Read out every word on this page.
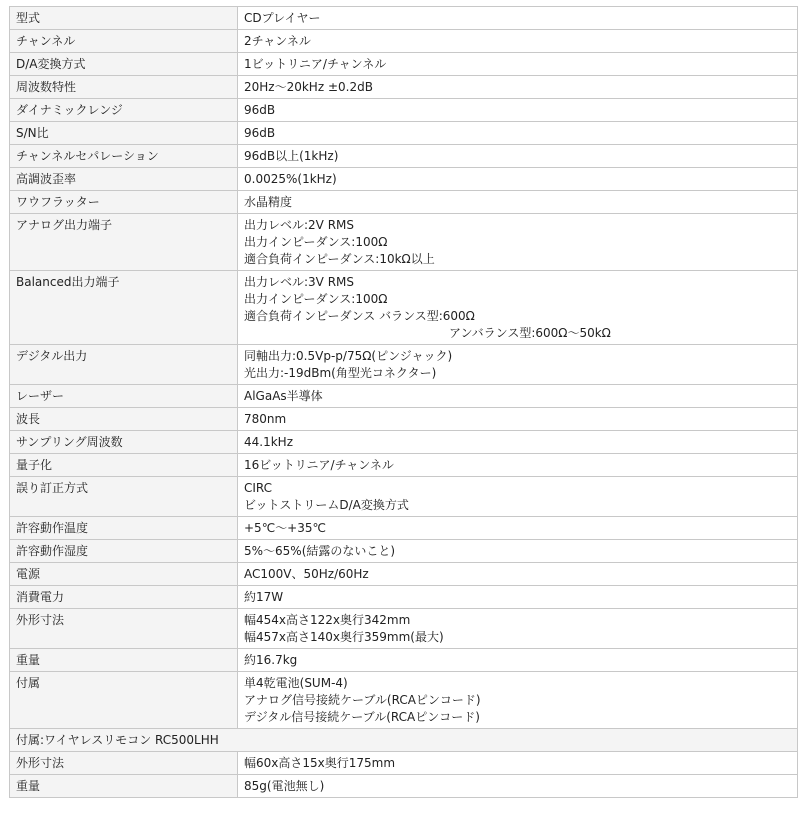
型式	CDプレイヤー

チャンネル	2チャンネル

D/A変換方式	1ビットリニア/チャンネル

周波数特性	20Hz～20kHz ±0.2dB

ダイナミックレンジ	96dB

S/N比	96dB

チャンネルセパレーション	96dB以上(1kHz)

高調波歪率	0.0025%(1kHz)

ワウフラッター	水晶精度

アナログ出力端子	出力レベル:2V RMS
出力インピーダンス:100Ω
適合負荷インピーダンス:10kΩ以上

Balanced出力端子	出力レベル:3V RMS
出力インピーダンス:100Ω
適合負荷インピーダンス バランス型:600Ω
アンバランス型:600Ω～50kΩ

デジタル出力	同軸出力:0.5Vp-p/75Ω(ピンジャック)
光出力:-19dBm(角型光コネクター)

レーザー	AlGaAs半導体

波長	780nm

サンプリング周波数	44.1kHz

量子化	16ビットリニア/チャンネル

誤り訂正方式	CIRC
ビットストリームD/A変換方式

許容動作温度	+5℃～+35℃

許容動作湿度	5%～65%(結露のないこと)

電源	AC100V、50Hz/60Hz

消費電力	約17W

外形寸法	幅454x高さ122x奥行342mm
幅457x高さ140x奥行359mm(最大)

重量	約16.7kg

付属	単4乾電池(SUM-4)
アナログ信号接続ケーブル(RCAピンコード)
デジタル信号接続ケーブル(RCAピンコード)

付属:ワイヤレスリモコン RC500LHH	
外形寸法	幅60x高さ15x奥行175mm

重量	85g(電池無し)
